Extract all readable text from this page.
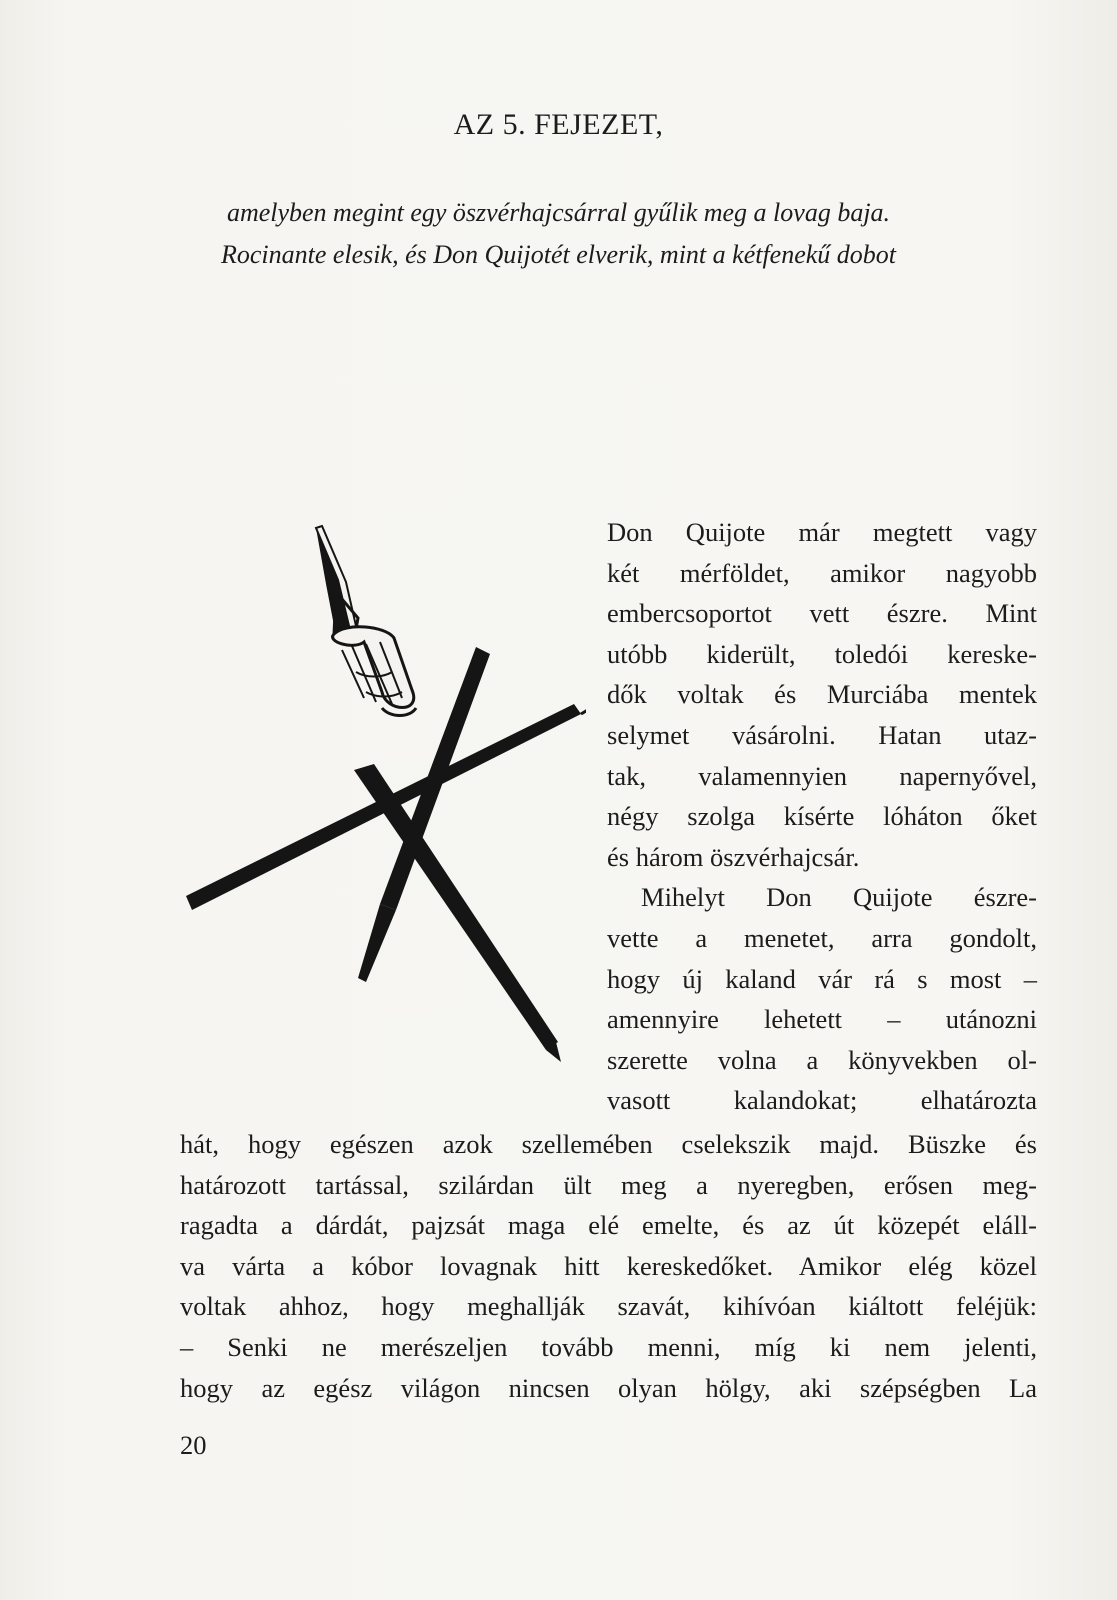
AZ 5. FEJEZET,
amelyben megint egy öszvérhajcsárral gyűlik meg a lovag baja.
Rocinante elesik, és Don Quijotét elverik, mint a kétfenekű dobot
Don Quijote már megtett vagy
két mérföldet, amikor nagyobb
embercsoportot vett észre. Mint
utóbb kiderült, toledói kereske-
dők voltak és Murciába mentek
selymet vásárolni. Hatan utaz-
tak, valamennyien napernyővel,
négy szolga kísérte lóháton őket
és három öszvérhajcsár.
Mihelyt Don Quijote észre-
vette a menetet, arra gondolt,
hogy új kaland vár rá s most –
amennyire lehetett – utánozni
szerette volna a könyvekben ol-
vasott kalandokat; elhatározta
hát, hogy egészen azok szellemében cselekszik majd. Büszke és
határozott tartással, szilárdan ült meg a nyeregben, erősen meg-
ragadta a dárdát, pajzsát maga elé emelte, és az út közepét eláll-
va várta a kóbor lovagnak hitt kereskedőket. Amikor elég közel
voltak ahhoz, hogy meghallják szavát, kihívóan kiáltott feléjük:
– Senki ne merészeljen tovább menni, míg ki nem jelenti,
hogy az egész világon nincsen olyan hölgy, aki szépségben La
20
